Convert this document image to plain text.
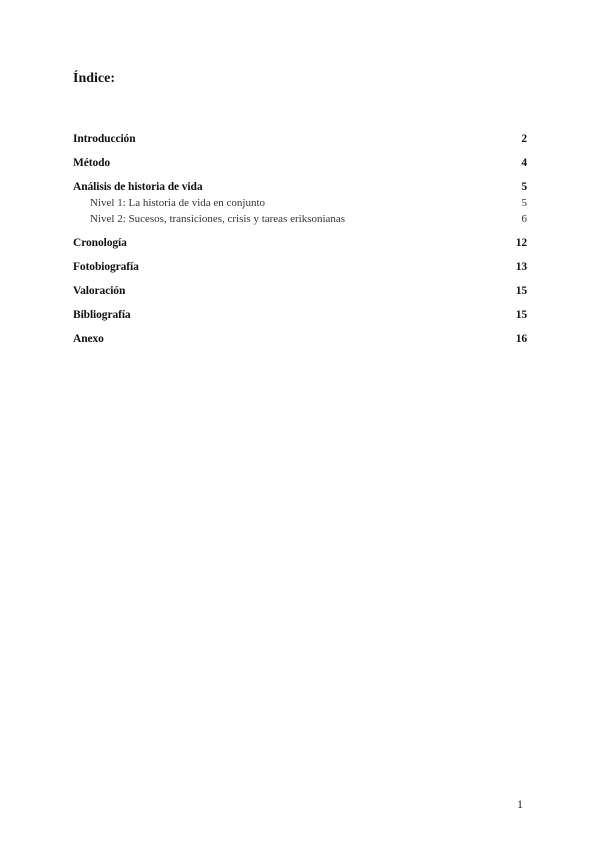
Índice:
Introducción	2
Método	4
Análisis de historia de vida	5
Nivel 1: La historia de vida en conjunto	5
Nivel 2: Sucesos, transiciones, crisis y tareas eriksonianas	6
Cronología	12
Fotobiografía	13
Valoración	15
Bibliografía	15
Anexo	16
1
